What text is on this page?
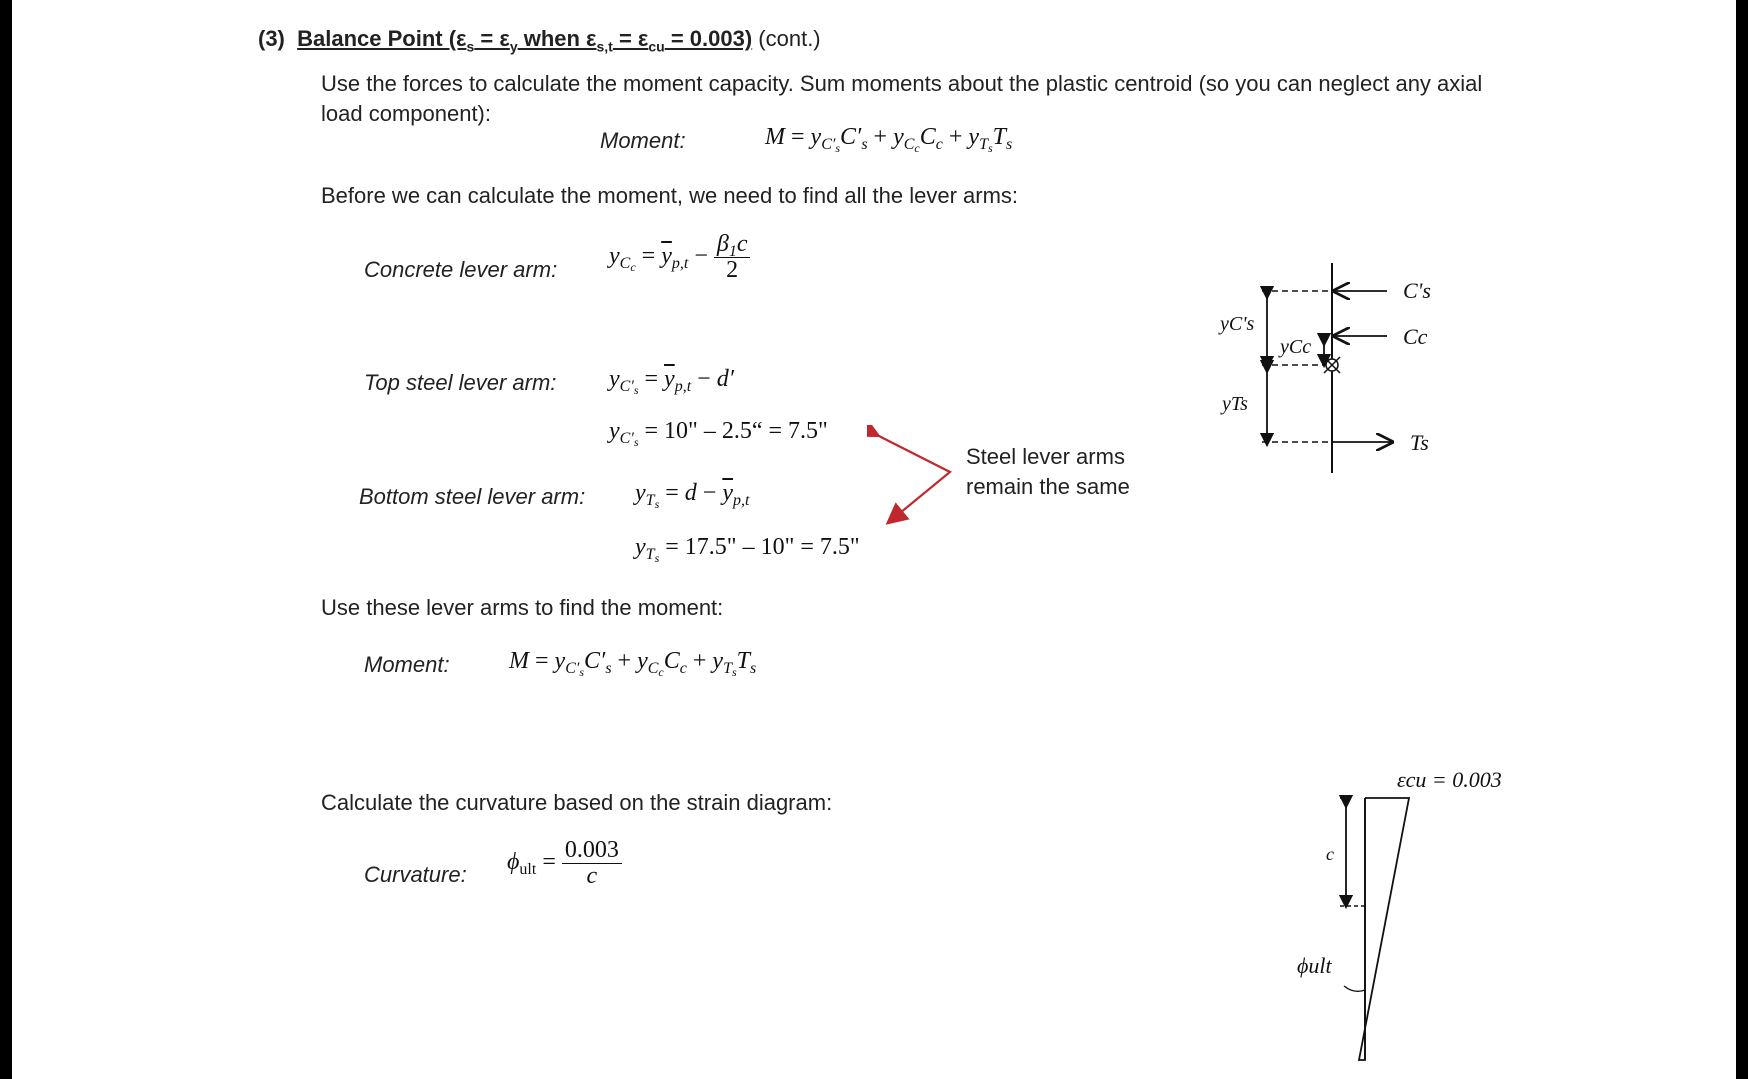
(3)  Balance Point ($\varepsilon_s = \varepsilon_y$ when $\varepsilon_{s,t} = \varepsilon_{cu} = 0.003$) (cont.)
Use the forces to calculate the moment capacity. Sum moments about the plastic centroid (so you can neglect any axial load component):
Moment:	$M = y_{C'_s}C'_s + y_{C_c}C_c + y_{T_s}T_s$
Before we can calculate the moment, we need to find all the lever arms:
Concrete lever arm:
$y_{C_c} = \overline{y}_{p,t} - \frac{\beta_1c}{2}$
Top steel lever arm: $y_{C'_s} = \overline{y}_{p,t} - d'$
$y_{C'_s} = 10$" – 2.5“ = 7.5"
Bottom steel lever arm: $y_{T_s} = d - \overline{y}_{p,t}$
$y_{T_s} = 17.5$" – 10" = 7.5"
Steel lever arms
remain the same
Use these lever arms to find the moment:
Moment: $M = y_{C'_s}C'_s + y_{C_c}C_c + y_{T_s}T_s$
Calculate the curvature based on the strain diagram:
Curvature: $\phi_{ult} = \frac{0.003}{c}$
C's
Cc
Ts
yC's
yCc
yTs
εcu = 0.003
c
ϕult
